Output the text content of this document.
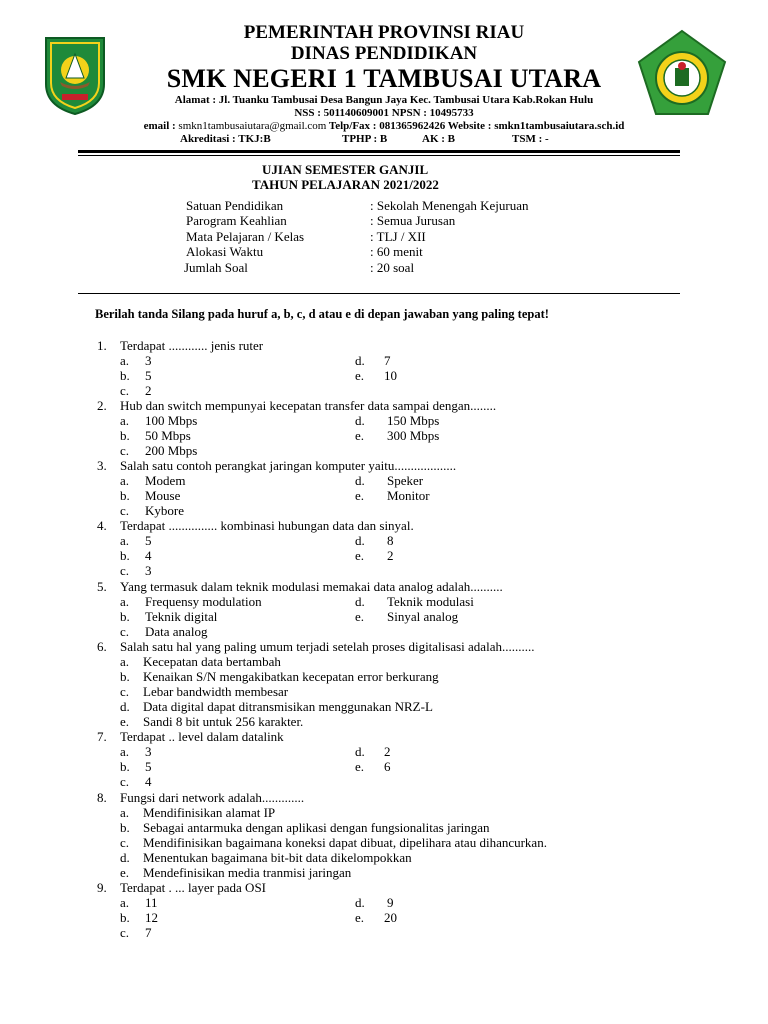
PEMERINTAH PROVINSI RIAU
DINAS PENDIDIKAN
SMK NEGERI 1 TAMBUSAI UTARA
Alamat : Jl. Tuanku Tambusai Desa Bangun Jaya Kec. Tambusai Utara Kab.Rokan Hulu
NSS : 501140609001 NPSN : 10495733
email : smkn1tambusaiutara@gmail.com Telp/Fax : 081365962426 Website : smkn1tambusaiutara.sch.id
Akreditasi : TKJ:B	TPHP : B	AK : B	TSM : -
UJIAN SEMESTER GANJIL
TAHUN PELAJARAN 2021/2022
Satuan Pendidikan	: Sekolah Menengah Kejuruan
Parogram Keahlian	: Semua Jurusan
Mata Pelajaran / Kelas	: TLJ / XII
Alokasi Waktu	: 60 menit
Jumlah Soal	: 20 soal
Berilah tanda Silang pada huruf a, b, c, d atau e di depan jawaban yang paling tepat!
1. Terdapat ............ jenis ruter
a. 3	d. 7
b. 5	e. 10
c. 2
2. Hub dan switch mempunyai kecepatan transfer data sampai dengan........
a. 100 Mbps	d. 150 Mbps
b. 50 Mbps	e. 300 Mbps
c. 200 Mbps
3. Salah satu contoh perangkat jaringan komputer yaitu...................
a. Modem	d. Speker
b. Mouse	e. Monitor
c. Kybore
4. Terdapat ............... kombinasi hubungan data dan sinyal.
a. 5	d. 8
b. 4	e. 2
c. 3
5. Yang termasuk dalam teknik modulasi memakai data analog adalah..........
a. Frequensy modulation	d. Teknik modulasi
b. Teknik digital	e. Sinyal analog
c. Data analog
6. Salah satu hal yang paling umum terjadi setelah proses digitalisasi adalah..........
a. Kecepatan data bertambah
b. Kenaikan S/N mengakibatkan kecepatan error berkurang
c. Lebar bandwidth membesar
d. Data digital dapat ditransmisikan menggunakan NRZ-L
e. Sandi 8 bit untuk 256 karakter.
7. Terdapat .. level dalam datalink
a. 3	d. 2
b. 5	e. 6
c. 4
8. Fungsi dari network adalah.............
a. Mendifinisikan alamat IP
b. Sebagai antarmuka dengan aplikasi dengan fungsionalitas jaringan
c. Mendifinisikan bagaimana koneksi dapat dibuat, dipelihara atau dihancurkan.
d. Menentukan bagaimana bit-bit data dikelompokkan
e. Mendefinisikan media tranmisi jaringan
9. Terdapat . ... layer pada OSI
a. 11	d. 9
b. 12	e. 20
c. 7
